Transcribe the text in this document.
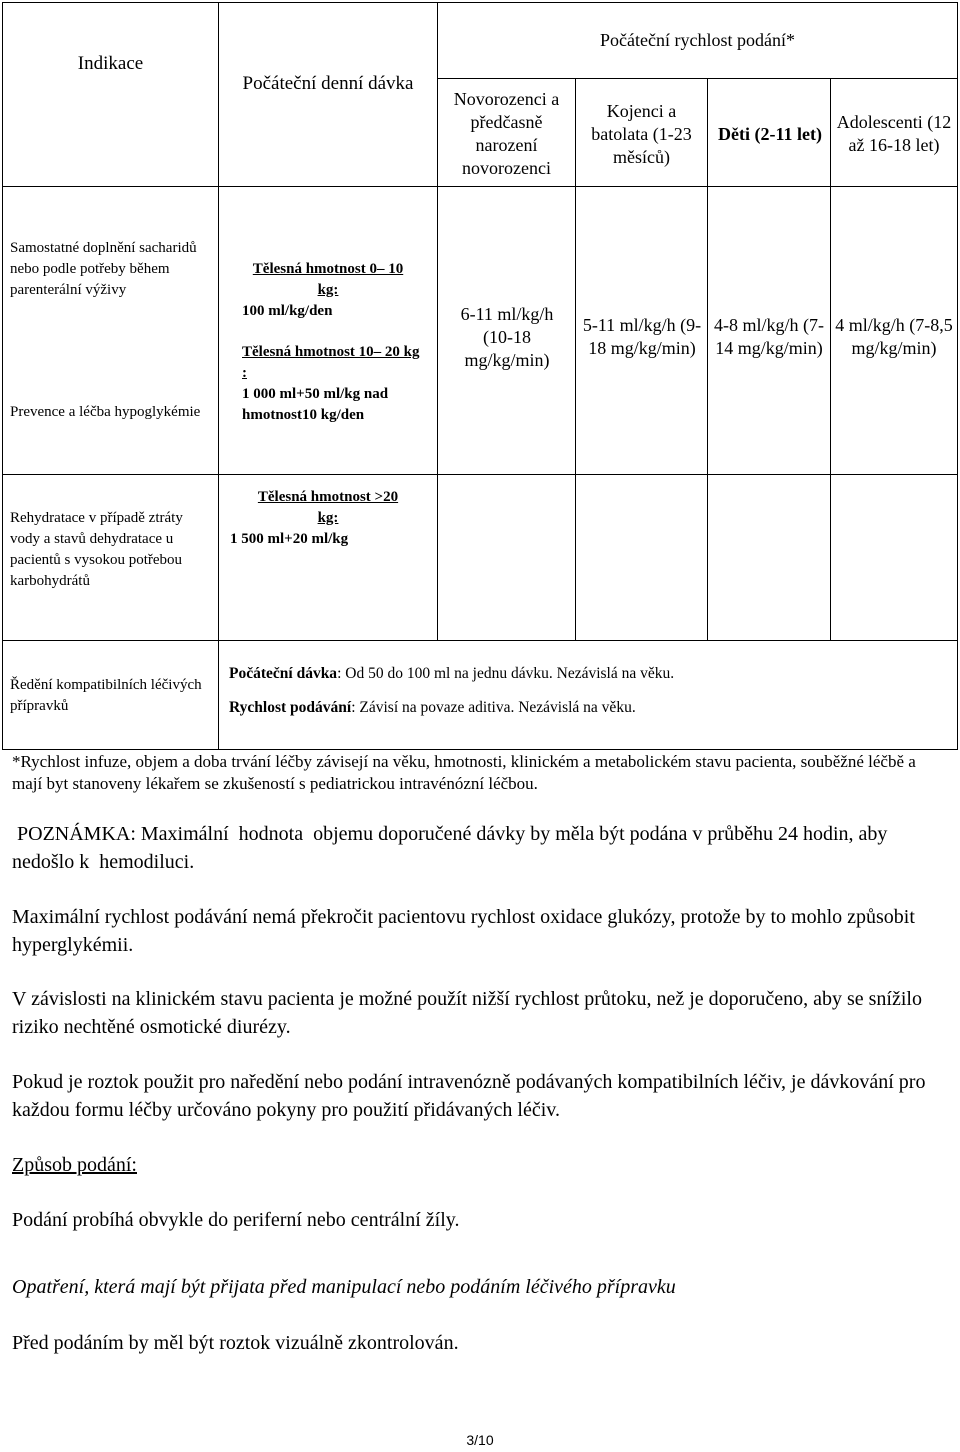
Indikace
Počáteční denní dávka
Počáteční rychlost podání*
Novorozenci a předčasně narození novorozenci
Kojenci a batolata (1-23 měsíců)
Děti (2-11 let)
Adolescenti (12 až 16-18 let)
Samostatné doplnění sacharidů nebo podle potřeby během parenterální výživy
Prevence a léčba hypoglykémie
Tělesná hmotnost 0– 10 kg:
100 ml/kg/den
Tělesná hmotnost 10– 20 kg :
1 000 ml+50 ml/kg nad hmotnost10 kg/den
6-11 ml/kg/h (10-18 mg/kg/min)
5-11 ml/kg/h (9-18 mg/kg/min)
4-8 ml/kg/h (7-14 mg/kg/min)
4 ml/kg/h (7-8,5 mg/kg/min)
Rehydratace v případě ztráty vody a stavů dehydratace u pacientů s vysokou potřebou karbohydrátů
Tělesná hmotnost >20 kg:
1 500 ml+20 ml/kg
Ředění kompatibilních léčivých přípravků
Počáteční dávka: Od 50 do 100 ml na jednu dávku. Nezávislá na věku.
Rychlost podávání: Závisí na povaze aditiva. Nezávislá na věku.
*Rychlost infuze, objem a doba trvání léčby závisejí na věku, hmotnosti, klinickém a metabolickém stavu pacienta, souběžné léčbě a mají byt stanoveny lékařem se zkušeností s pediatrickou intravénózní léčbou.
POZNÁMKA: Maximální  hodnota  objemu doporučené dávky by měla být podána v průběhu 24 hodin, aby nedošlo k  hemodiluci.
Maximální rychlost podávání nemá překročit pacientovu rychlost oxidace glukózy, protože by to mohlo způsobit hyperglykémii.
V závislosti na klinickém stavu pacienta je možné použít nižší rychlost průtoku, než je doporučeno, aby se snížilo riziko nechtěné osmotické diurézy.
Pokud je roztok použit pro naředění nebo podání intravenózně podávaných kompatibilních léčiv, je dávkování pro každou formu léčby určováno pokyny pro použití přidávaných léčiv.
Způsob podání:
Podání probíhá obvykle do periferní nebo centrální žíly.
Opatření, která mají být přijata před manipulací nebo podáním léčivého přípravku
Před podáním by měl být roztok vizuálně zkontrolován.
3/10
